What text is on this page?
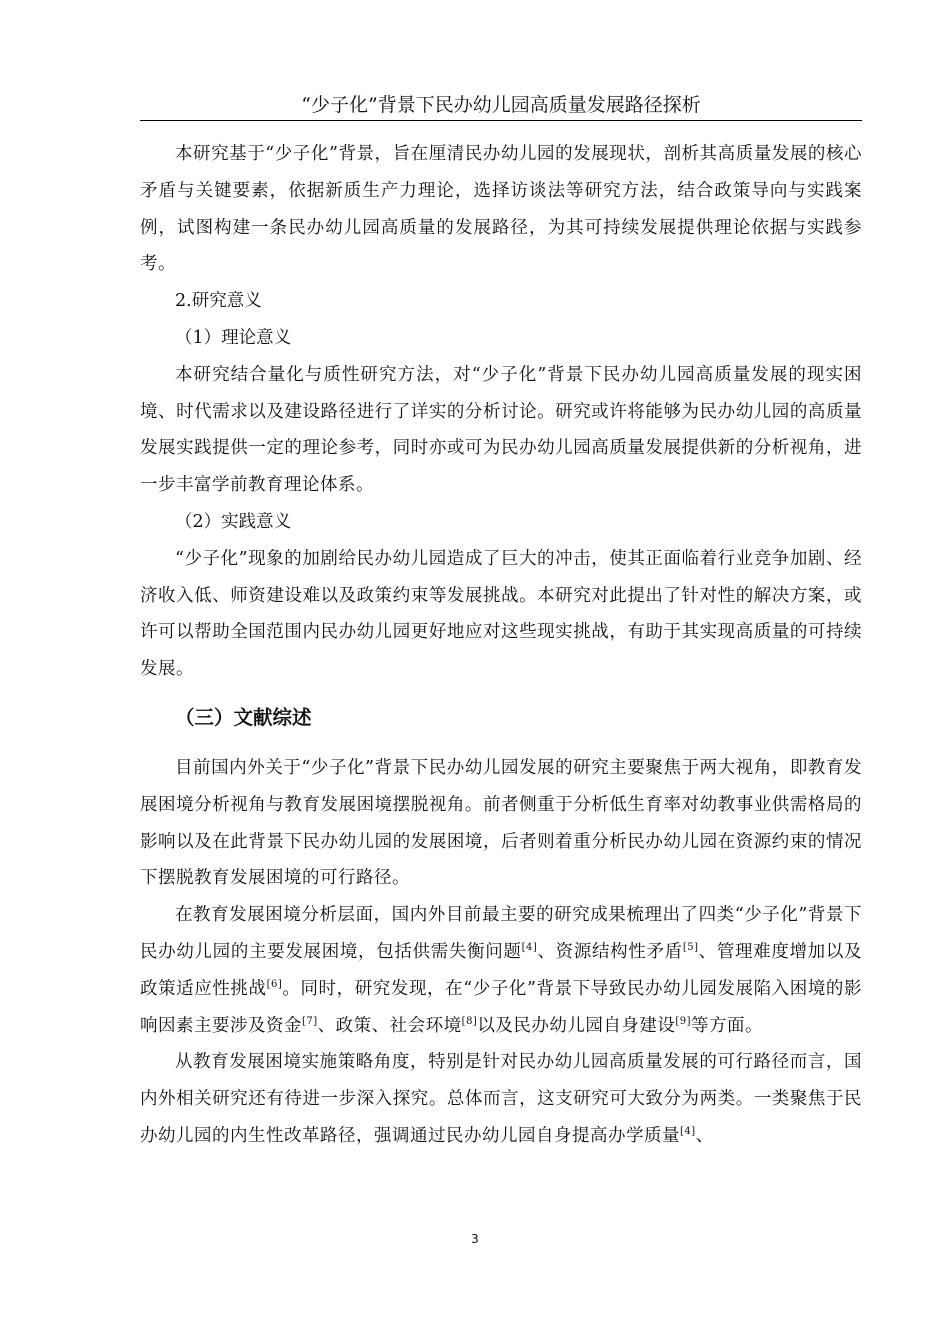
“少子化”背景下民办幼儿园高质量发展路径探析

本研究基于“少子化”背景，旨在厘清民办幼儿园的发展现状，剖析其高质量发展的核心矛盾与关键要素，依据新质生产力理论，选择访谈法等研究方法，结合政策导向与实践案例，试图构建一条民办幼儿园高质量的发展路径，为其可持续发展提供理论依据与实践参考。

2.研究意义

（1）理论意义

本研究结合量化与质性研究方法，对“少子化”背景下民办幼儿园高质量发展的现实困境、时代需求以及建设路径进行了详实的分析讨论。研究或许将能够为民办幼儿园的高质量发展实践提供一定的理论参考，同时亦或可为民办幼儿园高质量发展提供新的分析视角，进一步丰富学前教育理论体系。

（2）实践意义

“少子化”现象的加剧给民办幼儿园造成了巨大的冲击，使其正面临着行业竞争加剧、经济收入低、师资建设难以及政策约束等发展挑战。本研究对此提出了针对性的解决方案，或许可以帮助全国范围内民办幼儿园更好地应对这些现实挑战，有助于其实现高质量的可持续发展。

（三）文献综述

目前国内外关于“少子化”背景下民办幼儿园发展的研究主要聚焦于两大视角，即教育发展困境分析视角与教育发展困境摆脱视角。前者侧重于分析低生育率对幼教事业供需格局的影响以及在此背景下民办幼儿园的发展困境，后者则着重分析民办幼儿园在资源约束的情况下摆脱教育发展困境的可行路径。

在教育发展困境分析层面，国内外目前最主要的研究成果梳理出了四类“少子化”背景下民办幼儿园的主要发展困境，包括供需失衡问题[4]、资源结构性矛盾[5]、管理难度增加以及政策适应性挑战[6]。同时，研究发现，在“少子化”背景下导致民办幼儿园发展陷入困境的影响因素主要涉及资金[7]、政策、社会环境[8]以及民办幼儿园自身建设[9]等方面。

从教育发展困境实施策略角度，特别是针对民办幼儿园高质量发展的可行路径而言，国内外相关研究还有待进一步深入探究。总体而言，这支研究可大致分为两类。一类聚焦于民办幼儿园的内生性改革路径，强调通过民办幼儿园自身提高办学质量[4]、

3
